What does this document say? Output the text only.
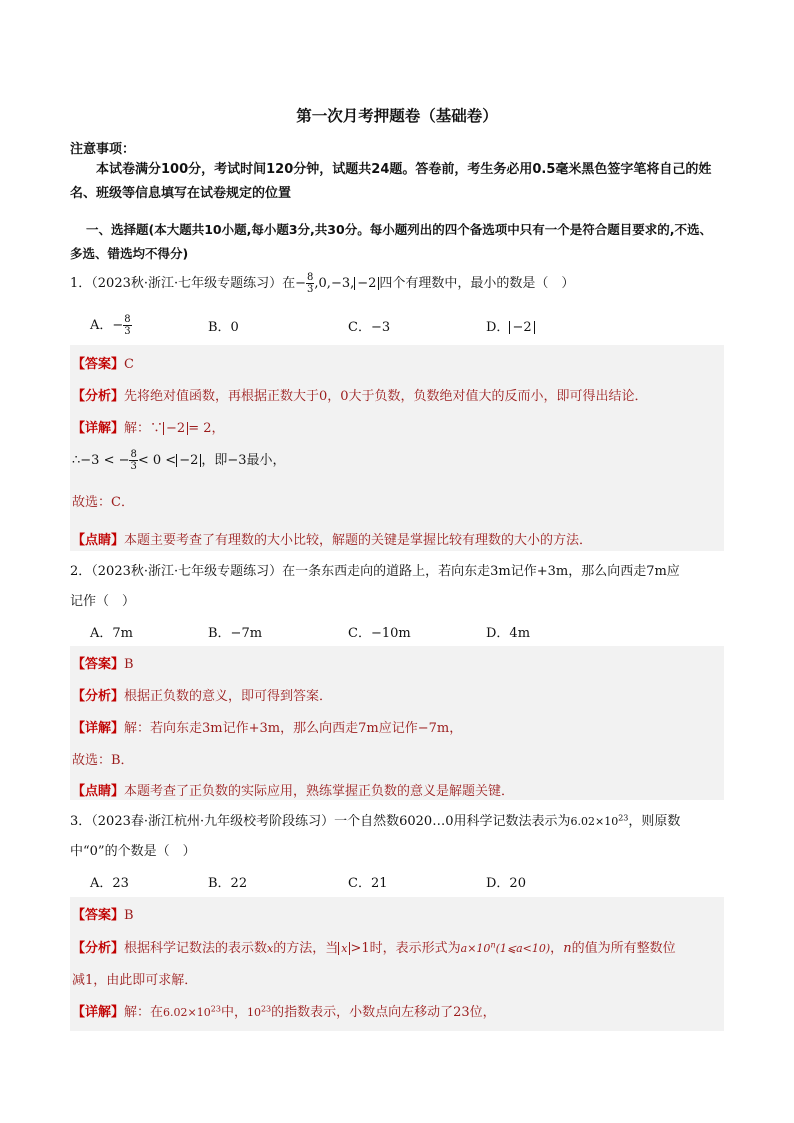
第一次月考押题卷（基础卷）
注意事项：
本试卷满分100分，考试时间120分钟，试题共24题。答卷前，考生务必用0.5毫米黑色签字笔将自己的姓名、班级等信息填写在试卷规定的位置
一、选择题(本大题共10小题,每小题3分,共30分。每小题列出的四个备选项中只有一个是符合题目要求的,不选、多选、错选均不得分)
1．（2023秋·浙江·七年级专题练习）在− $\frac{8}{3} ,0,-3$, −2 四个有理数中，最小的数是（　）
A．− $\frac{8}{3}$	B．0	C．−3	D． −2
【答案】C
【分析】先将绝对值函数，再根据正数大于0，0大于负数，负数绝对值大的反而小，即可得出结论．
【详解】解：∵ −2 = 2，
∴−3 < − $\frac{8}{3} < 0 < -2$ ，即−3最小，
故选：C．
【点睛】本题主要考查了有理数的大小比较，解题的关键是掌握比较有理数的大小的方法．
2．（2023秋·浙江·七年级专题练习）在一条东西走向的道路上，若向东走3m记作+3m，那么向西走7m应
记作（　）
A．7m	B．−7m	C．−10m	D．4m
【答案】B
【分析】根据正负数的意义，即可得到答案．
【详解】解：若向东走3m记作+3m，那么向西走7m应记作−7m，
故选：B．
【点睛】本题考查了正负数的实际应用，熟练掌握正负数的意义是解题关键．
3．（2023春·浙江杭州·九年级校考阶段练习）一个自然数6020…0用科学记数法表示为$6.02\times 10^{23}$，则原数
中“0”的个数是（　）
A．23	B．22	C．21	D．20
【答案】B
【分析】根据科学记数法的表示数x的方法，当 x >1时，表示形式为$a\times 10^n(1⩽a<10)$，n的值为所有整数位
减1，由此即可求解．
【详解】解：在$6.02\times 10^{23}$中，$10^{23}$的指数表示，小数点向左移动了23位，
